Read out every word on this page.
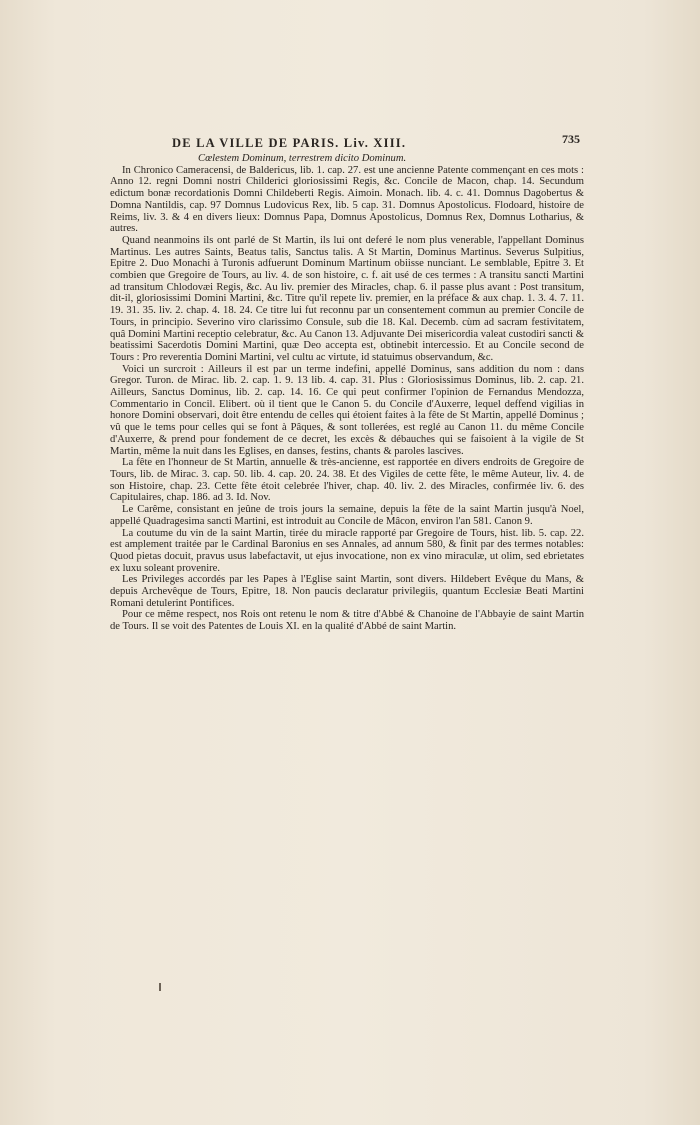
DE LA VILLE DE PARIS. Liv. XIII.	735

Cœlestem Dominum, terrestrem dicito Dominum.

In Chronico Cameracensi, de Baldericus, lib. 1. cap. 27. est une ancienne Patente commençant en ces mots : Anno 12. regni Domni nostri Childerici gloriosissimi Regis, &c. Concile de Macon, chap. 14. Secundum edictum bonæ recordationis Domni Childeberti Regis. Aimoin. Monach. lib. 4. c. 41. Domnus Dagobertus & Domna Nantildis, cap. 97 Domnus Ludovicus Rex, lib. 5 cap. 31. Domnus Apostolicus. Flodoard, histoire de Reims, liv. 3. & 4 en divers lieux: Domnus Papa, Domnus Apostolicus, Domnus Rex, Domnus Lotharius, & autres.

Quand neanmoins ils ont parlé de St Martin, ils lui ont deferé le nom plus venerable, l'appellant Dominus Martinus. Les autres Saints, Beatus talis, Sanctus talis. A St Martin, Dominus Martinus. Severus Sulpitius, Epitre 2. Duo Monachi à Turonis adfuerunt Dominum Martinum obiisse nunciant. Le semblable, Epitre 3. Et combien que Gregoire de Tours, au liv. 4. de son histoire, c. f. ait usé de ces termes : A transitu sancti Martini ad transitum Chlodovæi Regis, &c. Au liv. premier des Miracles, chap. 6. il passe plus avant : Post transitum, dit-il, gloriosissimi Domini Martini, &c. Titre qu'il repete liv. premier, en la préface & aux chap. 1. 3. 4. 7. 11. 19. 31. 35. liv. 2. chap. 4. 18. 24. Ce titre lui fut reconnu par un consentement commun au premier Concile de Tours, in principio. Severino viro clarissimo Consule, sub die 18. Kal. Decemb. cùm ad sacram festivitatem, quâ Domini Martini receptio celebratur, &c. Au Canon 13. Adjuvante Dei misericordia valeat custodiri sancti & beatissimi Sacerdotis Domini Martini, quæ Deo accepta est, obtinebit intercessio. Et au Concile second de Tours : Pro reverentia Domini Martini, vel cultu ac virtute, id statuimus observandum, &c.

Voici un surcroit : Ailleurs il est par un terme indefini, appellé Dominus, sans addition du nom : dans Gregor. Turon. de Mirac. lib. 2. cap. 1. 9. 13 lib. 4. cap. 31. Plus : Gloriosissimus Dominus, lib. 2. cap. 21. Ailleurs, Sanctus Dominus, lib. 2. cap. 14. 16. Ce qui peut confirmer l'opinion de Fernandus Mendozza, Commentario in Concil. Elibert. où il tient que le Canon 5. du Concile d'Auxerre, lequel deffend vigilias in honore Domini observari, doit être entendu de celles qui étoient faites à la fête de St Martin, appellé Dominus ; vû que le tems pour celles qui se font à Pâques, & sont tollerées, est reglé au Canon 11. du même Concile d'Auxerre, & prend pour fondement de ce decret, les excès & débauches qui se faisoient à la vigile de St Martin, même la nuit dans les Eglises, en danses, festins, chants & paroles lascives.

La fête en l'honneur de St Martin, annuelle & très-ancienne, est rapportée en divers endroits de Gregoire de Tours, lib. de Mirac. 3. cap. 50. lib. 4. cap. 20. 24. 38. Et des Vigiles de cette fête, le même Auteur, liv. 4. de son Histoire, chap. 23. Cette fête étoit celebrée l'hiver, chap. 40. liv. 2. des Miracles, confirmée liv. 6. des Capitulaires, chap. 186. ad 3. Id. Nov.

Le Carême, consistant en jeûne de trois jours la semaine, depuis la fête de la saint Martin jusqu'à Noel, appellé Quadragesima sancti Martini, est introduit au Concile de Mâcon, environ l'an 581. Canon 9.

La coutume du vin de la saint Martin, tirée du miracle rapporté par Gregoire de Tours, hist. lib. 5. cap. 22. est amplement traitée par le Cardinal Baronius en ses Annales, ad annum 580, & finit par des termes notables: Quod pietas docuit, pravus usus labefactavit, ut ejus invocatione, non ex vino miraculæ, ut olim, sed ebrietates ex luxu soleant provenire.

Les Privileges accordés par les Papes à l'Eglise saint Martin, sont divers. Hildebert Evêque du Mans, & depuis Archevêque de Tours, Epitre, 18. Non paucis declaratur privilegiis, quantum Ecclesiæ Beati Martini Romani detulerint Pontifices.

Pour ce même respect, nos Rois ont retenu le nom & titre d'Abbé & Chanoine de l'Abbayie de saint Martin de Tours. Il se voit des Patentes de Louis XI. en la qualité d'Abbé de saint Martin.
